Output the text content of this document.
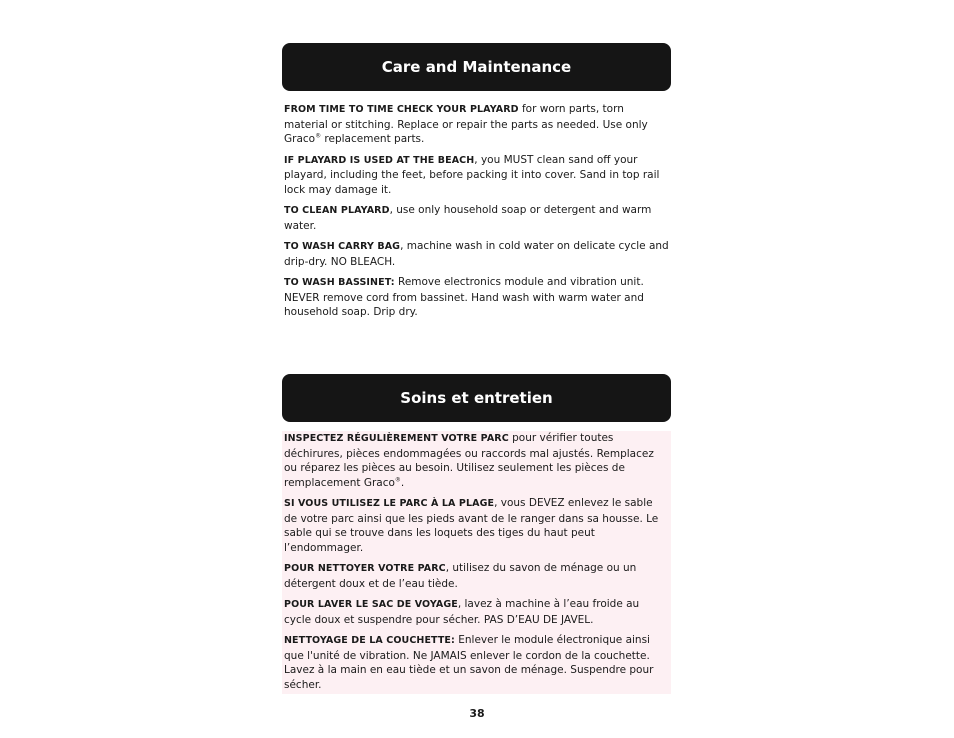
Care and Maintenance

FROM TIME TO TIME CHECK YOUR PLAYARD for worn parts, torn material or stitching. Replace or repair the parts as needed. Use only Graco® replacement parts.

IF PLAYARD IS USED AT THE BEACH, you MUST clean sand off your playard, including the feet, before packing it into cover. Sand in top rail lock may damage it.

TO CLEAN PLAYARD, use only household soap or detergent and warm water.

TO WASH CARRY BAG, machine wash in cold water on delicate cycle and drip-dry. NO BLEACH.

TO WASH BASSINET: Remove electronics module and vibration unit. NEVER remove cord from bassinet. Hand wash with warm water and household soap. Drip dry.

Soins et entretien

INSPECTEZ RÉGULIÈREMENT VOTRE PARC pour vérifier toutes déchirures, pièces endommagées ou raccords mal ajustés. Remplacez ou réparez les pièces au besoin. Utilisez seulement les pièces de remplacement Graco®.

SI VOUS UTILISEZ LE PARC À LA PLAGE, vous DEVEZ enlevez le sable de votre parc ainsi que les pieds avant de le ranger dans sa housse. Le sable qui se trouve dans les loquets des tiges du haut peut l’endommager.

POUR NETTOYER VOTRE PARC, utilisez du savon de ménage ou un détergent doux et de l’eau tiède.

POUR LAVER LE SAC DE VOYAGE, lavez à machine à l’eau froide au cycle doux et suspendre pour sécher. PAS D’EAU DE JAVEL.

NETTOYAGE DE LA COUCHETTE: Enlever le module électronique ainsi que l'unité de vibration. Ne JAMAIS enlever le cordon de la couchette. Lavez à la main en eau tiède et un savon de ménage. Suspendre pour sécher.

38
